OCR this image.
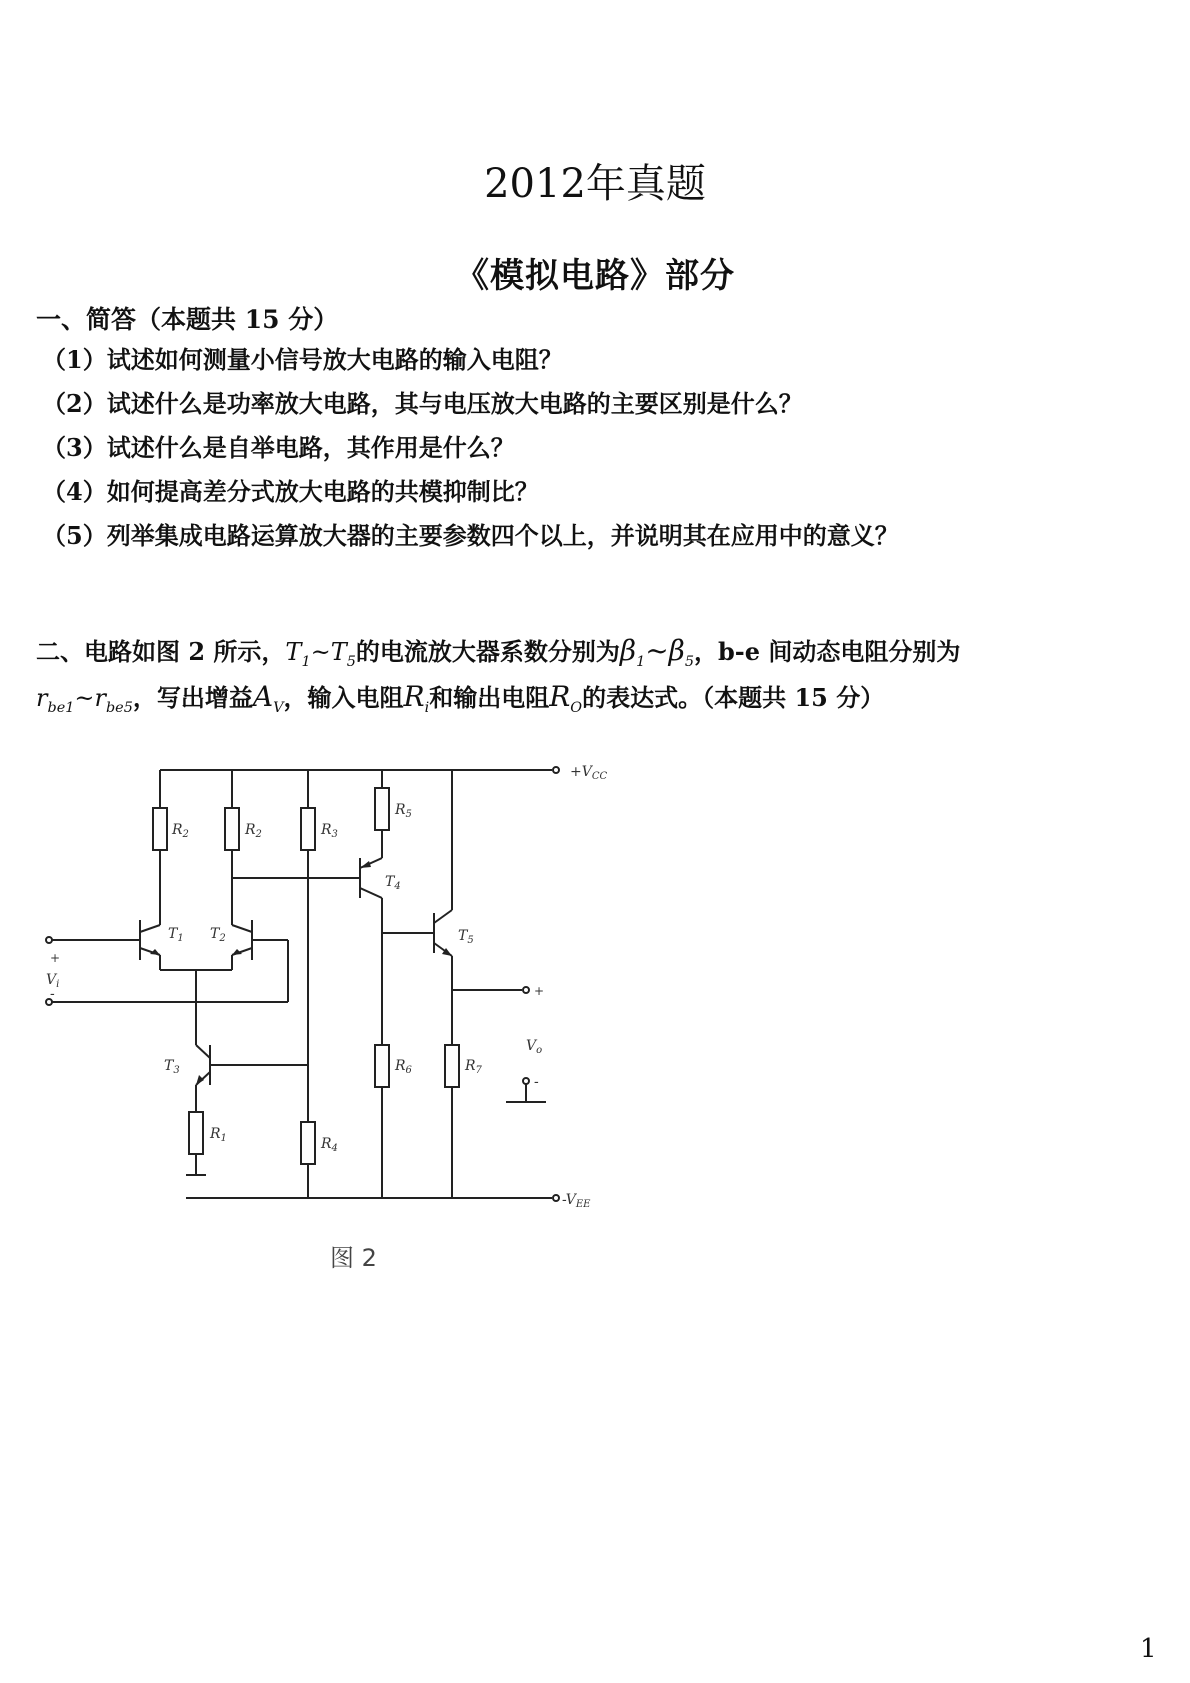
2012年真题
《模拟电路》部分
一、简答（本题共 15 分）
（1）试述如何测量小信号放大电路的输入电阻？
（2）试述什么是功率放大电路，其与电压放大电路的主要区别是什么？
（3）试述什么是自举电路，其作用是什么？
（4）如何提高差分式放大电路的共模抑制比？
（5）列举集成电路运算放大器的主要参数四个以上，并说明其在应用中的意义？
二、电路如图 2 所示，$T_1\sim T_5$的电流放大器系数分别为$\beta_1\sim\beta_5$，b-e 间动态电阻分别为
$r_{be1}\sim r_{be5}$，写出增益$A_V$，输入电阻$R_i$和输出电阻$R_O$的表达式。（本题共 15 分）
$+V_{CC}$
$-V_{EE}$
$R_2$	$R_2$	$R_3$
$R_5$
$R_6$	$R_7$
$R_4$
$R_1$
$T_1$ $T_2$
$T_3$
$T_4$
$T_5$
+
$V_i$
-	+
$V_o$
-
图 2
1
